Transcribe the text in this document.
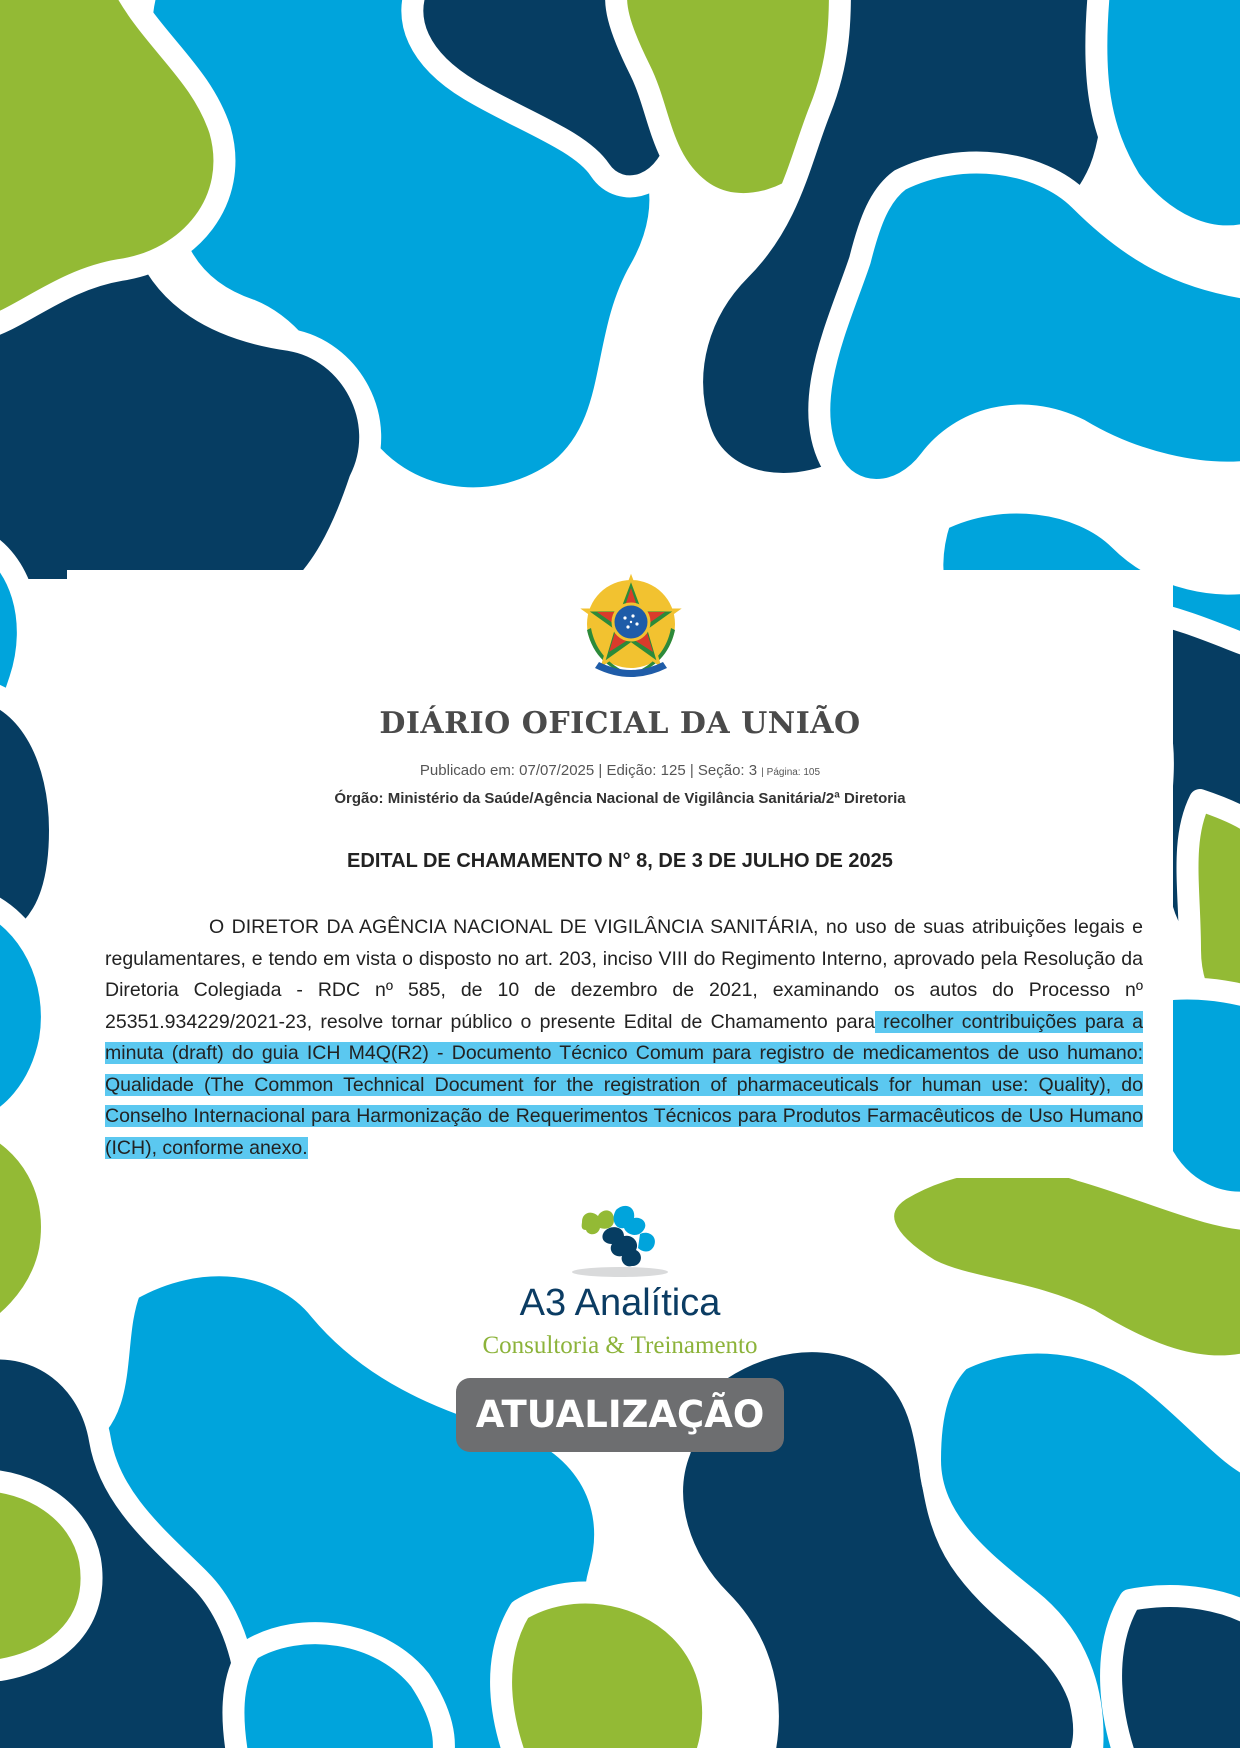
DIÁRIO OFICIAL DA UNIÃO
Publicado em: 07/07/2025 | Edição: 125 | Seção: 3 | Página: 105
Órgão: Ministério da Saúde/Agência Nacional de Vigilância Sanitária/2ª Diretoria
EDITAL DE CHAMAMENTO N° 8, DE 3 DE JULHO DE 2025

O DIRETOR DA AGÊNCIA NACIONAL DE VIGILÂNCIA SANITÁRIA, no uso de suas atribuições legais e regulamentares, e tendo em vista o disposto no art. 203, inciso VIII do Regimento Interno, aprovado pela Resolução da Diretoria Colegiada - RDC nº 585, de 10 de dezembro de 2021, examinando os autos do Processo nº 25351.934229/2021-23, resolve tornar público o presente Edital de Chamamento para recolher contribuições para a minuta (draft) do guia ICH M4Q(R2) - Documento Técnico Comum para registro de medicamentos de uso humano: Qualidade (The Common Technical Document for the registration of pharmaceuticals for human use: Quality), do Conselho Internacional para Harmonização de Requerimentos Técnicos para Produtos Farmacêuticos de Uso Humano (ICH), conforme anexo.

A3 Analítica
Consultoria & Treinamento
ATUALIZAÇÃO
